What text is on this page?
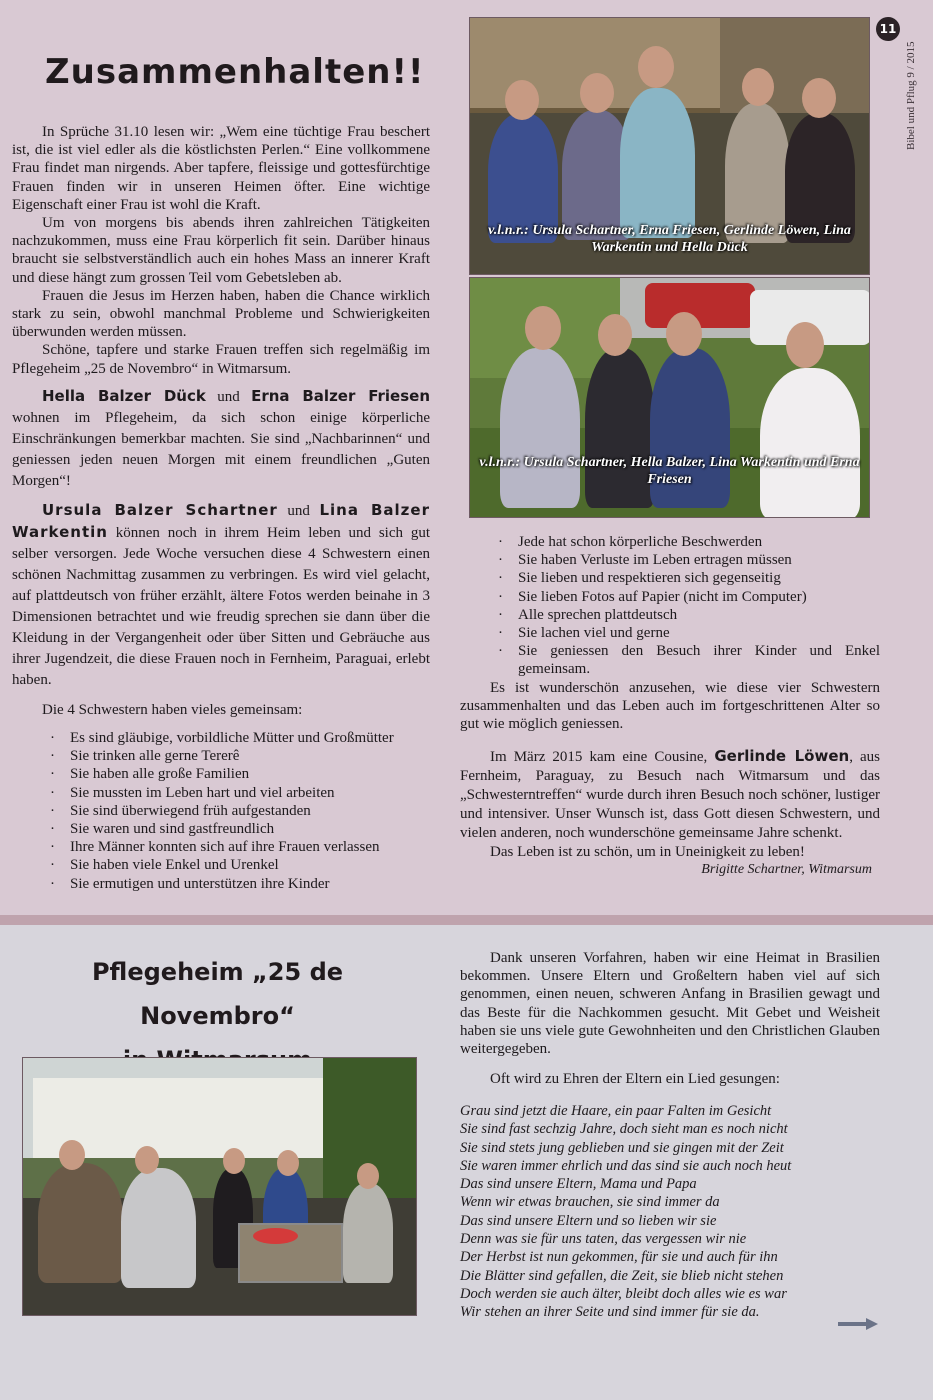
11
Bibel und Pflug 9 / 2015
Zusammenhalten!!

In Sprüche 31.10 lesen wir: „Wem eine tüchtige Frau beschert ist, die ist viel edler als die köstlichsten Perlen.“ Eine vollkommene Frau findet man nirgends. Aber tapfere, fleissige und gottesfürchtige Frauen finden wir in unseren Heimen öfter. Eine wichtige Eigenschaft einer Frau ist wohl die Kraft.

Um von morgens bis abends ihren zahlreichen Tätigkeiten nachzukommen, muss eine Frau körperlich fit sein. Darüber hinaus braucht sie selbstverständlich auch ein hohes Mass an innerer Kraft und diese hängt zum grossen Teil vom Gebetsleben ab.

Frauen die Jesus im Herzen haben, haben die Chance wirklich stark zu sein, obwohl manchmal Probleme und Schwierigkeiten überwunden werden müssen.

Schöne, tapfere und starke Frauen treffen sich regelmäßig im Pflegeheim „25 de Novembro“ in Witmarsum.

Hella Balzer Dück und Erna Balzer Friesen wohnen im Pflegeheim, da sich schon einige körperliche Einschränkungen bemerkbar machten. Sie sind „Nachbarinnen“ und geniessen jeden neuen Morgen mit einem freundlichen „Guten Morgen“!

Ursula Balzer Schartner und Lina Balzer Warkentin können noch in ihrem Heim leben und sich gut selber versorgen. Jede Woche versuchen diese 4 Schwestern einen schönen Nachmittag zusammen zu verbringen. Es wird viel gelacht, auf plattdeutsch von früher erzählt, ältere Fotos werden beinahe in 3 Dimensionen betrachtet und wie freudig sprechen sie dann über die Kleidung in der Vergangenheit oder über Sitten und Gebräuche aus ihrer Jugendzeit, die diese Frauen noch in Fernheim, Paraguai, erlebt haben.

Die 4 Schwestern haben vieles gemeinsam:

· Es sind gläubige, vorbildliche Mütter und Großmütter
· Sie trinken alle gerne Tererê
· Sie haben alle große Familien
· Sie mussten im Leben hart und viel arbeiten
· Sie sind überwiegend früh aufgestanden
· Sie waren und sind gastfreundlich
· Ihre Männer konnten sich auf ihre Frauen verlassen
· Sie haben viele Enkel und Urenkel
· Sie ermutigen und unterstützen ihre Kinder
v.l.n.r.: Ursula Schartner, Erna Friesen, Gerlinde Löwen, Lina Warkentin und Hella Dück
v.l.n.r.: Ursula Schartner, Hella Balzer, Lina Warkentin und Erna Friesen
· Jede hat schon körperliche Beschwerden
· Sie haben Verluste im Leben ertragen müssen
· Sie lieben und respektieren sich gegenseitig
· Sie lieben Fotos auf Papier (nicht im Computer)
· Alle sprechen plattdeutsch
· Sie lachen viel und gerne
· Sie geniessen den Besuch ihrer Kinder und Enkel gemeinsam.

Es ist wunderschön anzusehen, wie diese vier Schwestern zusammenhalten und das Leben auch im fortgeschrittenen Alter so gut wie möglich geniessen.

Im März 2015 kam eine Cousine, Gerlinde Löwen, aus Fernheim, Paraguay, zu Besuch nach Witmarsum und das „Schwesterntreffen“ wurde durch ihren Besuch noch schöner, lustiger und intensiver. Unser Wunsch ist, dass Gott diesen Schwestern, und vielen anderen, noch wunderschöne gemeinsame Jahre schenkt.

Das Leben ist zu schön, um in Uneinigkeit zu leben!

Brigitte Schartner, Witmarsum

Pflegeheim „25 de Novembro“

Dank unseren Vorfahren, haben wir eine Heimat in Brasilien bekommen. Unsere Eltern und Großeltern haben viel auf sich genommen, einen neuen, schweren Anfang in Brasilien gewagt und das Beste für die Nachkommen gesucht. Mit Gebet und Weisheit haben sie uns viele gute Gewohnheiten und den Christlichen Glauben weitergegeben.

Oft wird zu Ehren der Eltern ein Lied gesungen:

Grau sind jetzt die Haare, ein paar Falten im Gesicht
Sie sind fast sechzig Jahre, doch sieht man es noch nicht
Sie sind stets jung geblieben und sie gingen mit der Zeit
Sie waren immer ehrlich und das sind sie auch noch heut
Das sind unsere Eltern, Mama und Papa
Wenn wir etwas brauchen, sie sind immer da
Das sind unsere Eltern und so lieben wir sie
Denn was sie für uns taten, das vergessen wir nie
Der Herbst ist nun gekommen, für sie und auch für ihn
Die Blätter sind gefallen, die Zeit, sie blieb nicht stehen
Doch werden sie auch älter, bleibt doch alles wie es war
Wir stehen an ihrer Seite und sind immer für sie da.
